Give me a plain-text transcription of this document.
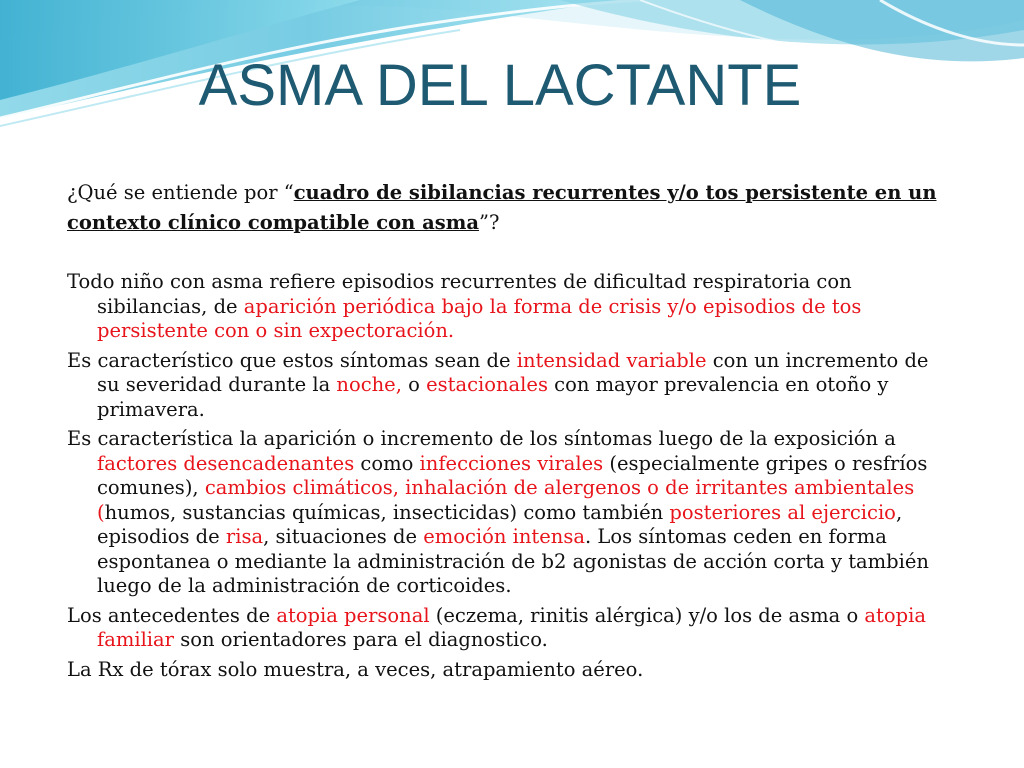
ASMA DEL LACTANTE
¿Qué se entiende por “cuadro de sibilancias recurrentes y/o tos persistente en un contexto clínico compatible con asma”?

Todo niño con asma refiere episodios recurrentes de dificultad respiratoria con sibilancias, de aparición periódica bajo la forma de crisis y/o episodios de tos persistente con o sin expectoración.

Es característico que estos síntomas sean de intensidad variable con un incremento de su severidad durante la noche, o estacionales con mayor prevalencia en otoño y primavera.

Es característica la aparición o incremento de los síntomas luego de la exposición a factores desencadenantes como infecciones virales (especialmente gripes o resfríos comunes), cambios climáticos, inhalación de alergenos o de irritantes ambientales (humos, sustancias químicas, insecticidas) como también posteriores al ejercicio, episodios de risa, situaciones de emoción intensa. Los síntomas ceden en forma espontanea o mediante la administración de b2 agonistas de acción corta y también luego de la administración de corticoides.

Los antecedentes de atopia personal (eczema, rinitis alérgica) y/o los de asma o atopia familiar son orientadores para el diagnostico.

La Rx de tórax solo muestra, a veces, atrapamiento aéreo.
